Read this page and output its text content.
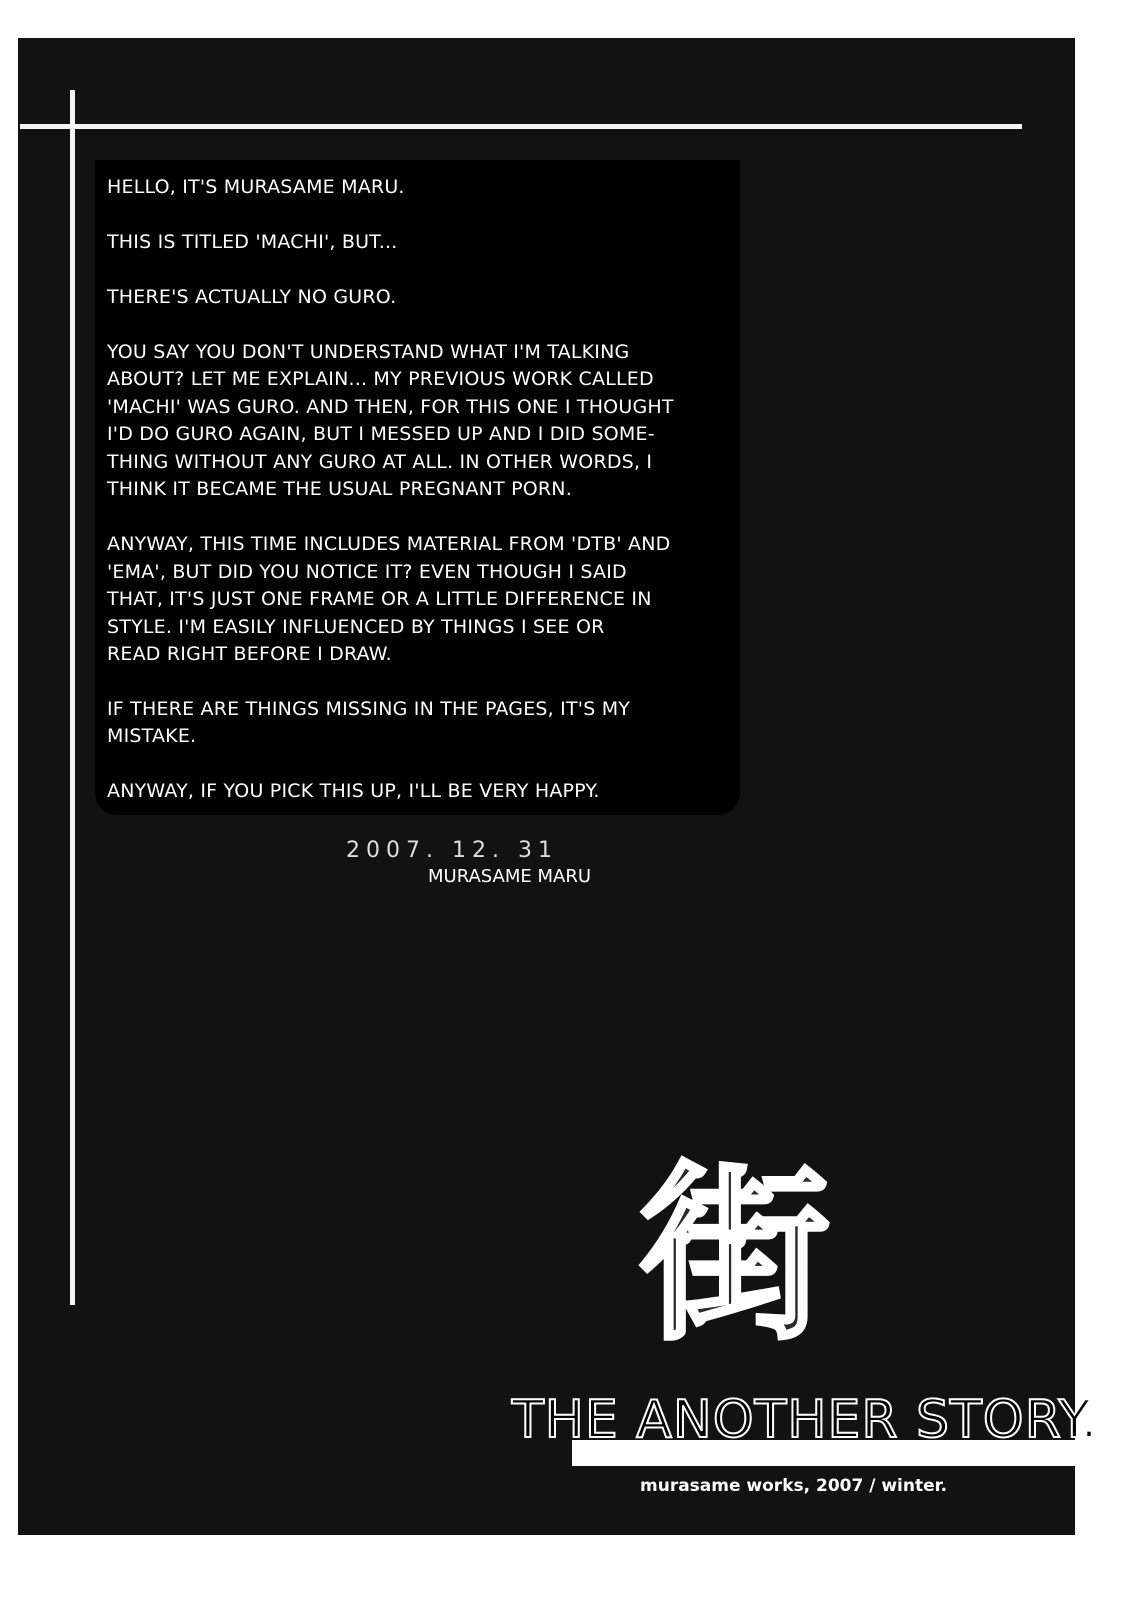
HELLO, IT'S MURASAME MARU.
THIS IS TITLED 'MACHI', BUT...
THERE'S ACTUALLY NO GURO.
YOU SAY YOU DON'T UNDERSTAND WHAT I'M TALKING
ABOUT? LET ME EXPLAIN... MY PREVIOUS WORK CALLED
'MACHI' WAS GURO. AND THEN, FOR THIS ONE I THOUGHT
I'D DO GURO AGAIN, BUT I MESSED UP AND I DID SOME-
THING WITHOUT ANY GURO AT ALL. IN OTHER WORDS, I
THINK IT BECAME THE USUAL PREGNANT PORN.
ANYWAY, THIS TIME INCLUDES MATERIAL FROM 'DTB' AND
'EMA', BUT DID YOU NOTICE IT? EVEN THOUGH I SAID
THAT, IT'S JUST ONE FRAME OR A LITTLE DIFFERENCE IN
STYLE. I'M EASILY INFLUENCED BY THINGS I SEE OR
READ RIGHT BEFORE I DRAW.
IF THERE ARE THINGS MISSING IN THE PAGES, IT'S MY
MISTAKE.
ANYWAY, IF YOU PICK THIS UP, I'LL BE VERY HAPPY.
2007. 12. 31
MURASAME MARU
街
THE ANOTHER STORY.
murasame works, 2007 / winter.
